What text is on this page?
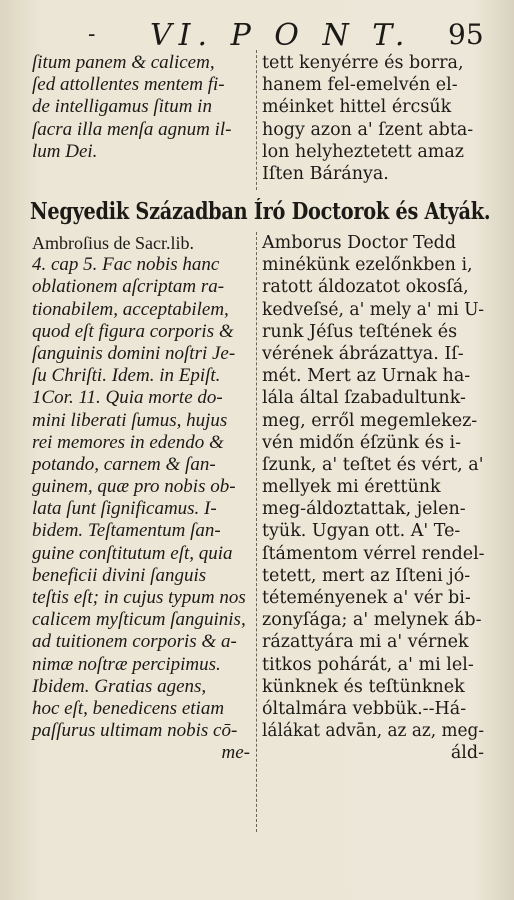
- VI. P O N T. 95
ſitum panem & calicem,
ſed attollentes mentem fi-
de intelligamus ſitum in
ſacra illa menſa agnum il-
lum Dei.
tett kenyérre és borra,
hanem fel-emelvén el-
méinket hittel ércsűk
hogy azon a' ſzent abta-
lon helyheztetett amaz
Iſten Báránya.
Negyedik Században Író Doctorok és Atyák.
Ambroſius de Sacr.lib.
4. cap 5. Fac nobis hanc
oblationem aſcriptam ra-
tionabilem, acceptabilem,
quod eſt figura corporis &
ſanguinis domini noſtri Je-
ſu Chriſti. Idem. in Epiſt.
1Cor. 11. Quia morte do-
mini liberati ſumus, hujus
rei memores in edendo &
potando, carnem & ſan-
guinem, quæ pro nobis ob-
lata ſunt ſignificamus. I-
bidem. Teſtamentum ſan-
guine conſtitutum eſt, quia
beneficii divini ſanguis
teſtis eſt; in cujus typum nos
calicem myſticum ſanguinis,
ad tuitionem corporis & a-
nimæ noſtræ percipimus.
Ibidem. Gratias agens,
hoc eſt, benedicens etiam
paſſurus ultimam nobis cō-
me-
Amborus Doctor Tedd
minékünk ezelőnkben i,
ratott áldozatot okosſá,
kedveſsé, a' mely a' mi U-
runk Jéſus teſtének és
vérének ábrázattya. Iſ-
mét. Mert az Urnak ha-
lála által ſzabadultunk-
meg, erről megemlekez-
vén midőn éſzünk és i-
ſzunk, a' teſtet és vért, a'
mellyek mi érettünk
meg-áldoztattak, jelen-
tyük. Ugyan ott. A' Te-
ſtámentom vérrel rendel-
tetett, mert az Iſteni jó-
téteményenek a' vér bi-
zonyſága; a' melynek áb-
rázattyára mi a' vérnek
titkos pohárát, a' mi lel-
künknek és teſtünknek
óltalmára vebbük.--Há-
lálákat advān, az az, meg-
áld-
